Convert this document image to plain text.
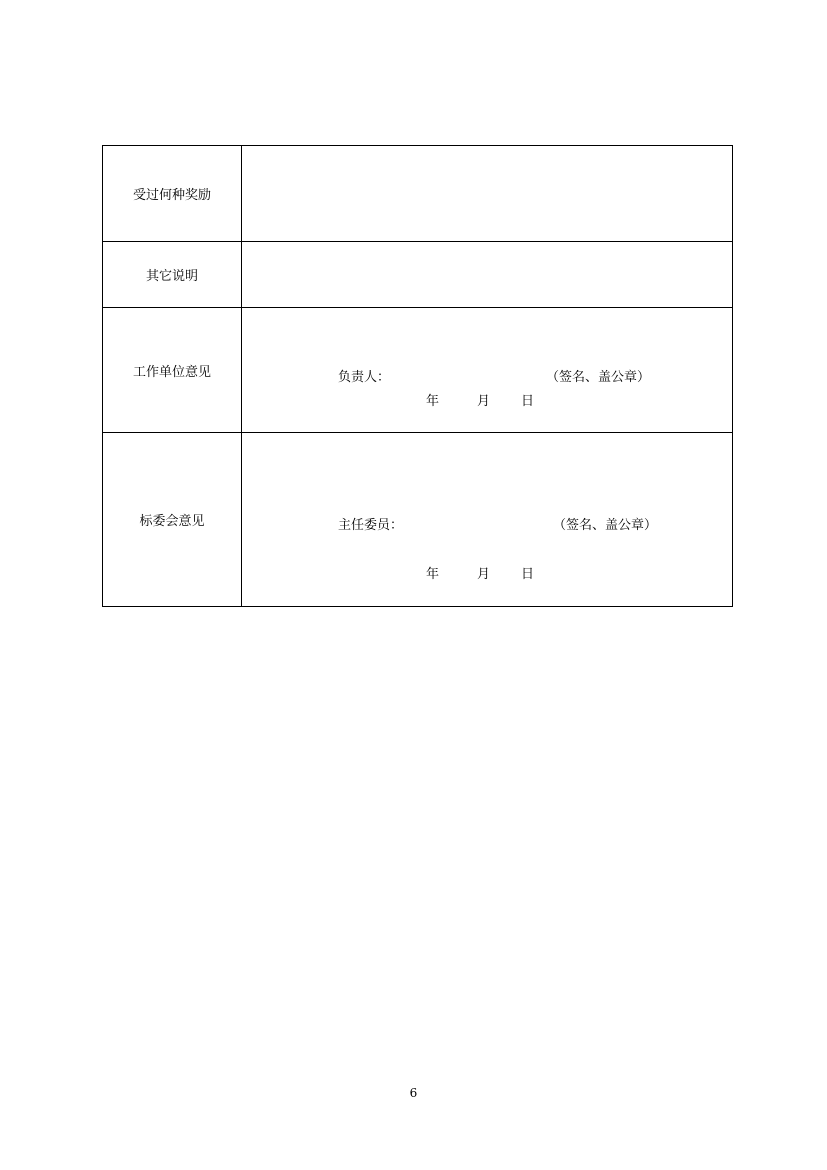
受过何种奖励	
其它说明	
工作单位意见	负责人： （签名、盖公章）
年 月 日

标委会意见	主任委员： （签名、盖公章）
年 月 日
6
